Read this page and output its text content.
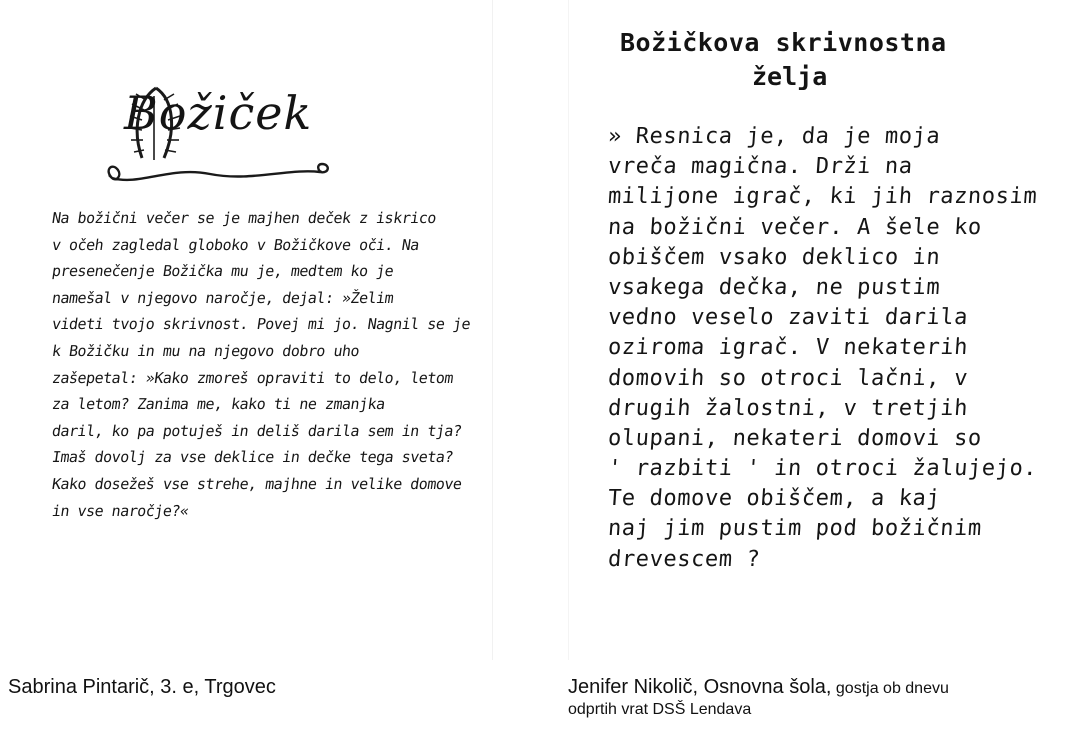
Božiček
Na božični večer se je majhen deček z iskrico
v očeh zagledal globoko v Božičkove oči. Na
presenečenje Božička mu je, medtem ko je
namešal v njegovo naročje, dejal: »Želim
videti tvojo skrivnost. Povej mi jo. Nagnil se je
k Božičku in mu na njegovo dobro uho
zašepetal: »Kako zmoreš opraviti to delo, letom
za letom? Zanima me, kako ti ne zmanjka
daril, ko pa potuješ in deliš darila sem in tja?
Imaš dovolj za vse deklice in dečke tega sveta?
Kako dosežeš vse strehe, majhne in velike domove
in vse naročje?«
Božičkova skrivnostna
želja
» Resnica je, da je moja
vreča magična. Drži na
milijone igrač, ki jih raznosim
na božični večer. A šele ko
obiščem vsako deklico in
vsakega dečka, ne pustim
vedno veselo zaviti darila
oziroma igrač. V nekaterih
domovih so otroci lačni, v
drugih žalostni, v tretjih
olupani, nekateri domovi so
' razbiti ' in otroci žalujejo.
Te domove obiščem, a kaj
naj jim pustim pod božičnim
drevescem ?
Sabrina Pintarič, 3. e, Trgovec	Jenifer Nikolič, Osnovna šola, gostja ob dnevu
odprtih vrat DSŠ Lendava
